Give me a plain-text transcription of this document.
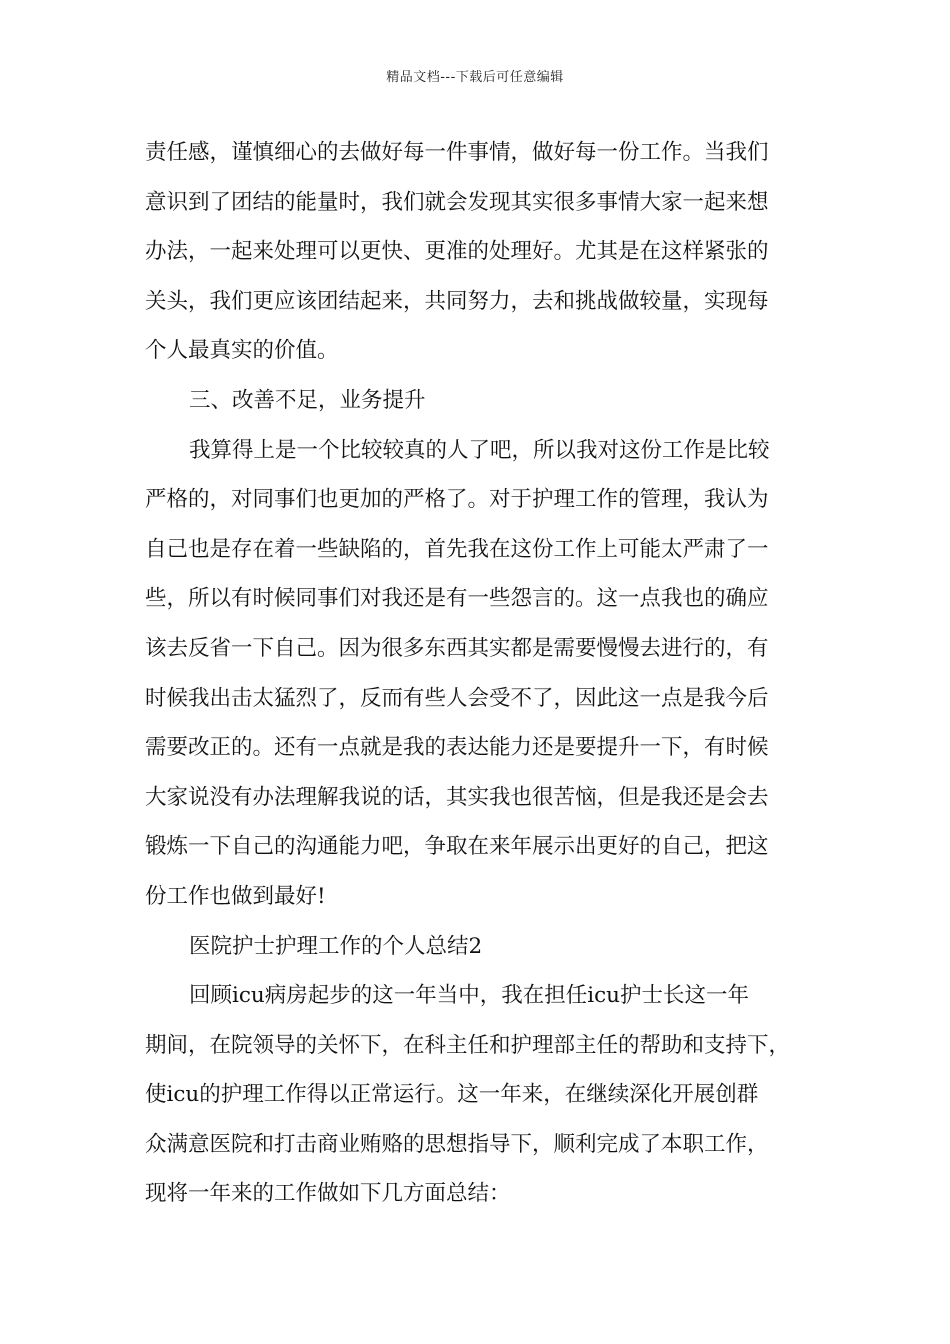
精品文档---下载后可任意编辑
责任感，谨慎细心的去做好每一件事情，做好每一份工作。当我们
意识到了团结的能量时，我们就会发现其实很多事情大家一起来想
办法，一起来处理可以更快、更准的处理好。尤其是在这样紧张的
关头，我们更应该团结起来，共同努力，去和挑战做较量，实现每
个人最真实的价值。
三、改善不足，业务提升
我算得上是一个比较较真的人了吧，所以我对这份工作是比较
严格的，对同事们也更加的严格了。对于护理工作的管理，我认为
自己也是存在着一些缺陷的，首先我在这份工作上可能太严肃了一
些，所以有时候同事们对我还是有一些怨言的。这一点我也的确应
该去反省一下自己。因为很多东西其实都是需要慢慢去进行的，有
时候我出击太猛烈了，反而有些人会受不了，因此这一点是我今后
需要改正的。还有一点就是我的表达能力还是要提升一下，有时候
大家说没有办法理解我说的话，其实我也很苦恼，但是我还是会去
锻炼一下自己的沟通能力吧，争取在来年展示出更好的自己，把这
份工作也做到最好!
医院护士护理工作的个人总结2
回顾icu病房起步的这一年当中，我在担任icu护士长这一年
期间，在院领导的关怀下，在科主任和护理部主任的帮助和支持下，
使icu的护理工作得以正常运行。这一年来，在继续深化开展创群
众满意医院和打击商业贿赂的思想指导下，顺利完成了本职工作，
现将一年来的工作做如下几方面总结：
